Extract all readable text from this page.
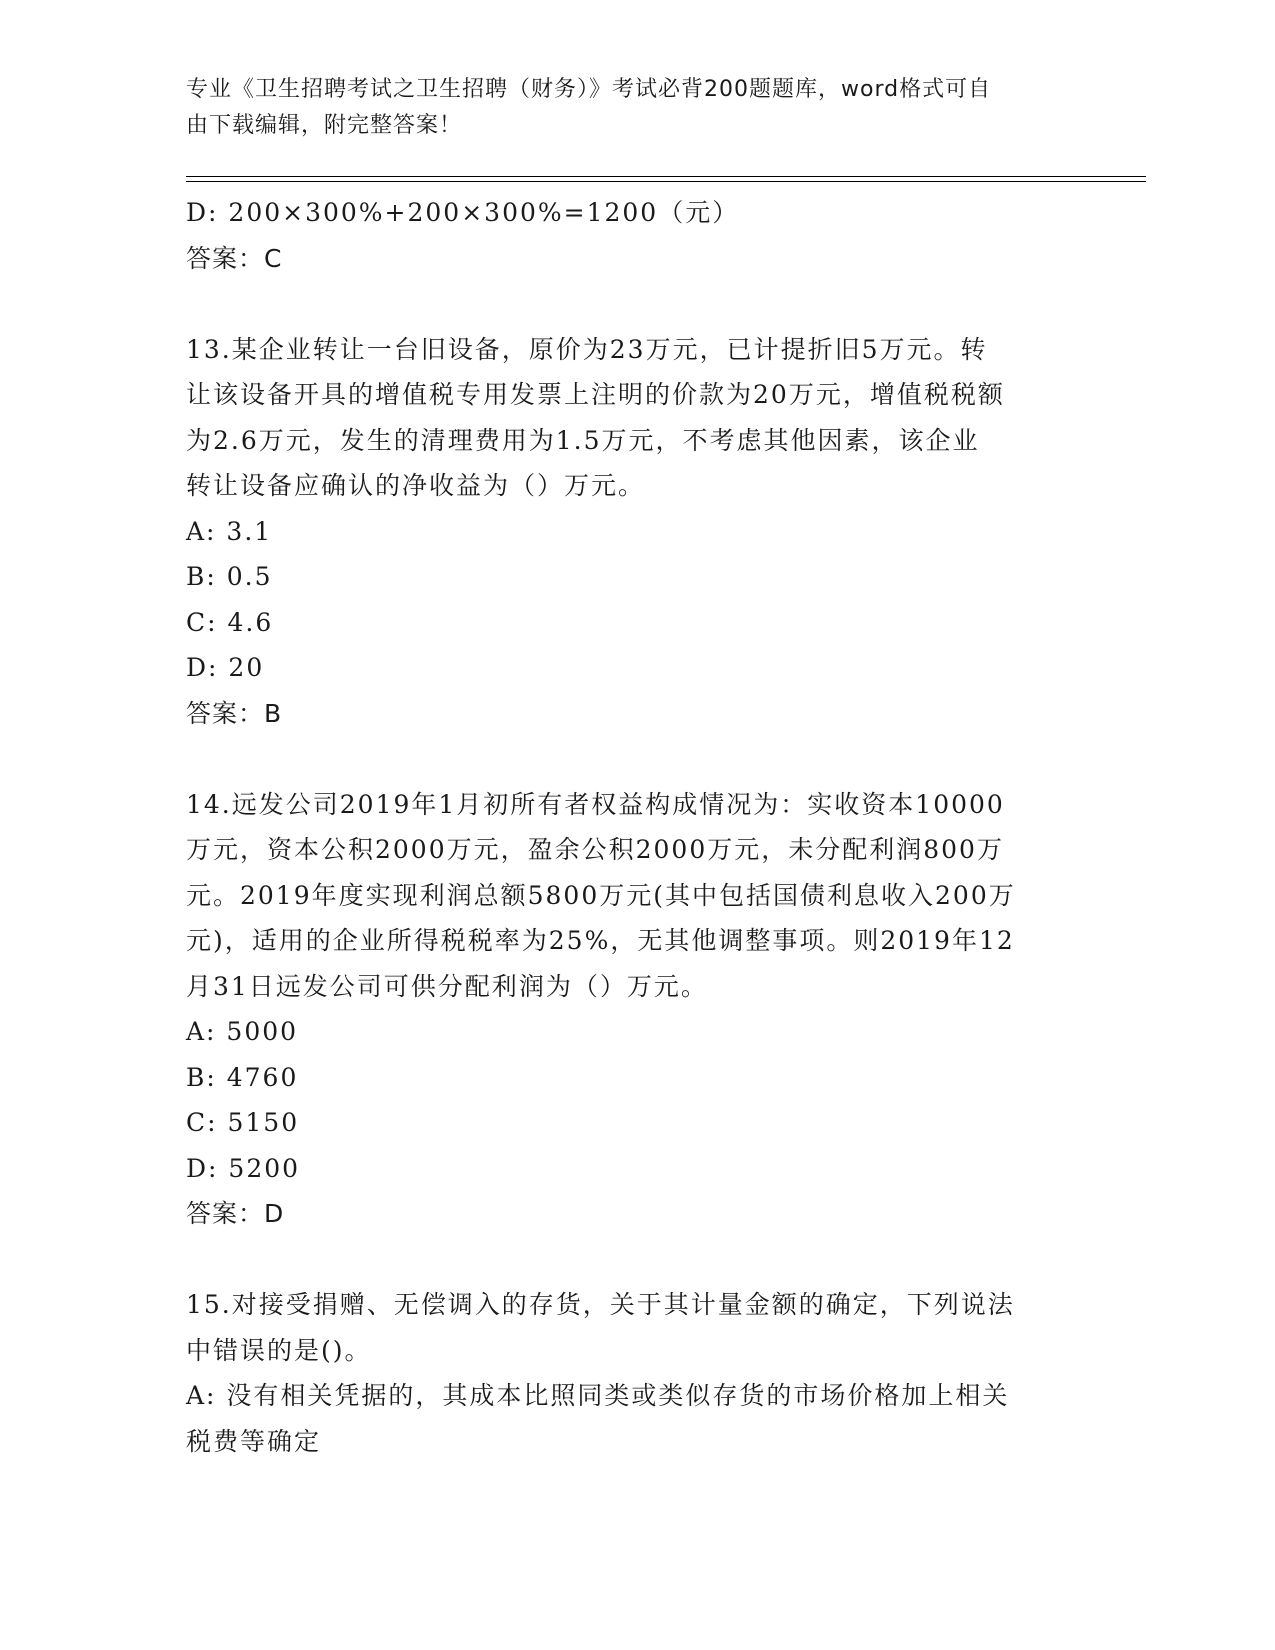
专业《卫生招聘考试之卫生招聘（财务）》考试必背200题题库，word格式可自
由下载编辑，附完整答案！
D: 200×300%+200×300%=1200（元）
答案：C
13.某企业转让一台旧设备，原价为23万元，已计提折旧5万元。转
让该设备开具的增值税专用发票上注明的价款为20万元，增值税税额
为2.6万元，发生的清理费用为1.5万元，不考虑其他因素，该企业
转让设备应确认的净收益为（）万元。
A: 3.1
B: 0.5
C: 4.6
D: 20
答案：B
14.远发公司2019年1月初所有者权益构成情况为：实收资本10000
万元，资本公积2000万元，盈余公积2000万元，未分配利润800万
元。2019年度实现利润总额5800万元(其中包括国债利息收入200万
元)，适用的企业所得税税率为25%，无其他调整事项。则2019年12
月31日远发公司可供分配利润为（）万元。
A: 5000
B: 4760
C: 5150
D: 5200
答案：D
15.对接受捐赠、无偿调入的存货，关于其计量金额的确定，下列说法
中错误的是()。
A: 没有相关凭据的，其成本比照同类或类似存货的市场价格加上相关
税费等确定
